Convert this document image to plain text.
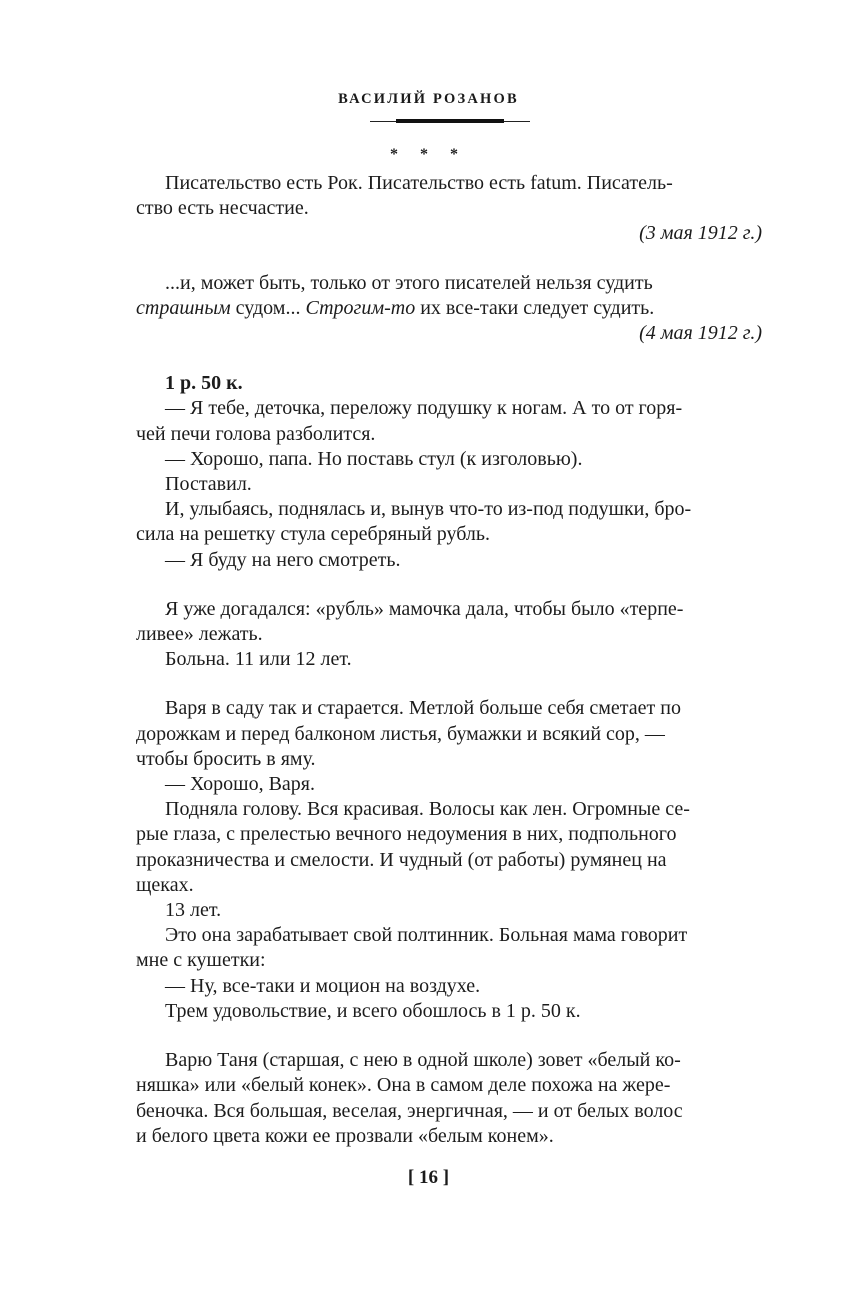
ВАСИЛИЙ РОЗАНОВ
* * *

Писательство есть Рок. Писательство есть fatum. Писатель-
ство есть несчастие.

(3 мая 1912 г.)

...и, может быть, только от этого писателей нельзя судить
страшным судом... Строгим-то их все-таки следует судить.

(4 мая 1912 г.)

1 р. 50 к.

— Я тебе, деточка, переложу подушку к ногам. А то от горя-
чей печи голова разболится.

— Хорошо, папа. Но поставь стул (к изголовью).

Поставил.

И, улыбаясь, поднялась и, вынув что-то из-под подушки, бро-
сила на решетку стула серебряный рубль.

— Я буду на него смотреть.

Я уже догадался: «рубль» мамочка дала, чтобы было «терпе-
ливее» лежать.

Больна. 11 или 12 лет.

Варя в саду так и старается. Метлой больше себя сметает по
дорожкам и перед балконом листья, бумажки и всякий сор, —
чтобы бросить в яму.

— Хорошо, Варя.

Подняла голову. Вся красивая. Волосы как лен. Огромные се-
рые глаза, с прелестью вечного недоумения в них, подпольного
проказничества и смелости. И чудный (от работы) румянец на
щеках.

13 лет.

Это она зарабатывает свой полтинник. Больная мама говорит
мне с кушетки:

— Ну, все-таки и моцион на воздухе.

Трем удовольствие, и всего обошлось в 1 р. 50 к.

Варю Таня (старшая, с нею в одной школе) зовет «белый ко-
няшка» или «белый конек». Она в самом деле похожа на жере-
беночка. Вся большая, веселая, энергичная, — и от белых волос
и белого цвета кожи ее прозвали «белым конем».

[ 16 ]
